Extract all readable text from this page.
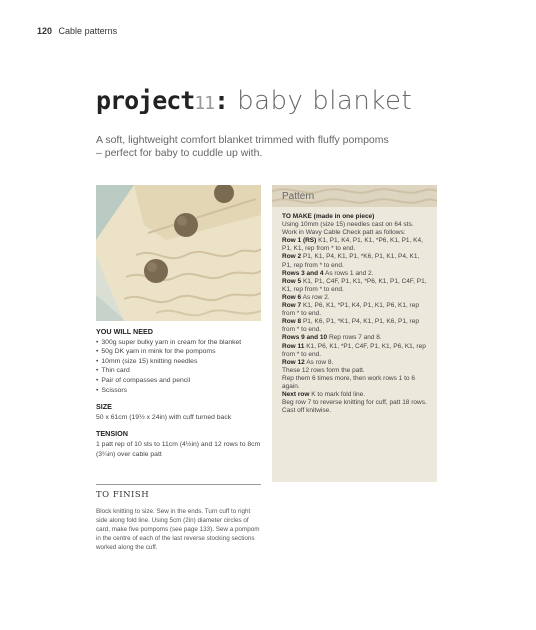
120 Cable patterns
project11: baby blanket

A soft, lightweight comfort blanket trimmed with fluffy pompoms – perfect for baby to cuddle up with.

YOU WILL NEED
• 300g super bulky yarn in cream for the blanket
• 50g DK yarn in mink for the pompoms
• 10mm (size 15) knitting needles
• Thin card
• Pair of compasses and pencil
• Scissors
SIZE

50 x 61cm (19½ x 24in) with cuff turned back

TENSION

1 patt rep of 10 sts to 11cm (4½in) and 12 rows to 8cm (3¼in) over cable patt

TO FINISH

Block knitting to size. Sew in the ends. Turn cuff to right side along fold line. Using 5cm (2in) diameter circles of card, make five pompoms (see page 133). Sew a pompom in the centre of each of the last reverse stocking sections worked along the cuff.

Pattern
TO MAKE (made in one piece)
Using 10mm (size 15) needles cast on 64 sts.
Work in Wavy Cable Check patt as follows:
Row 1 (RS) K1, P1, K4, P1, K1, *P6, K1, P1, K4, P1, K1, rep from * to end.
Row 2 P1, K1, P4, K1, P1, *K6, P1, K1, P4, K1, P1, rep from * to end.
Rows 3 and 4 As rows 1 and 2.
Row 5 K1, P1, C4F, P1, K1, *P6, K1, P1, C4F, P1, K1, rep from * to end.
Row 6 As row 2.
Row 7 K1, P6, K1, *P1, K4, P1, K1, P6, K1, rep from * to end.
Row 8 P1, K6, P1, *K1, P4, K1, P1, K6, P1, rep from * to end.
Rows 9 and 10 Rep rows 7 and 8.
Row 11 K1, P6, K1, *P1, C4F, P1, K1, P6, K1, rep from * to end.
Row 12 As row 8.
These 12 rows form the patt.
Rep them 6 times more, then work rows 1 to 6 again.
Next row K to mark fold line.
Beg row 7 to reverse knitting for cuff, patt 18 rows.
Cast off knitwise.
